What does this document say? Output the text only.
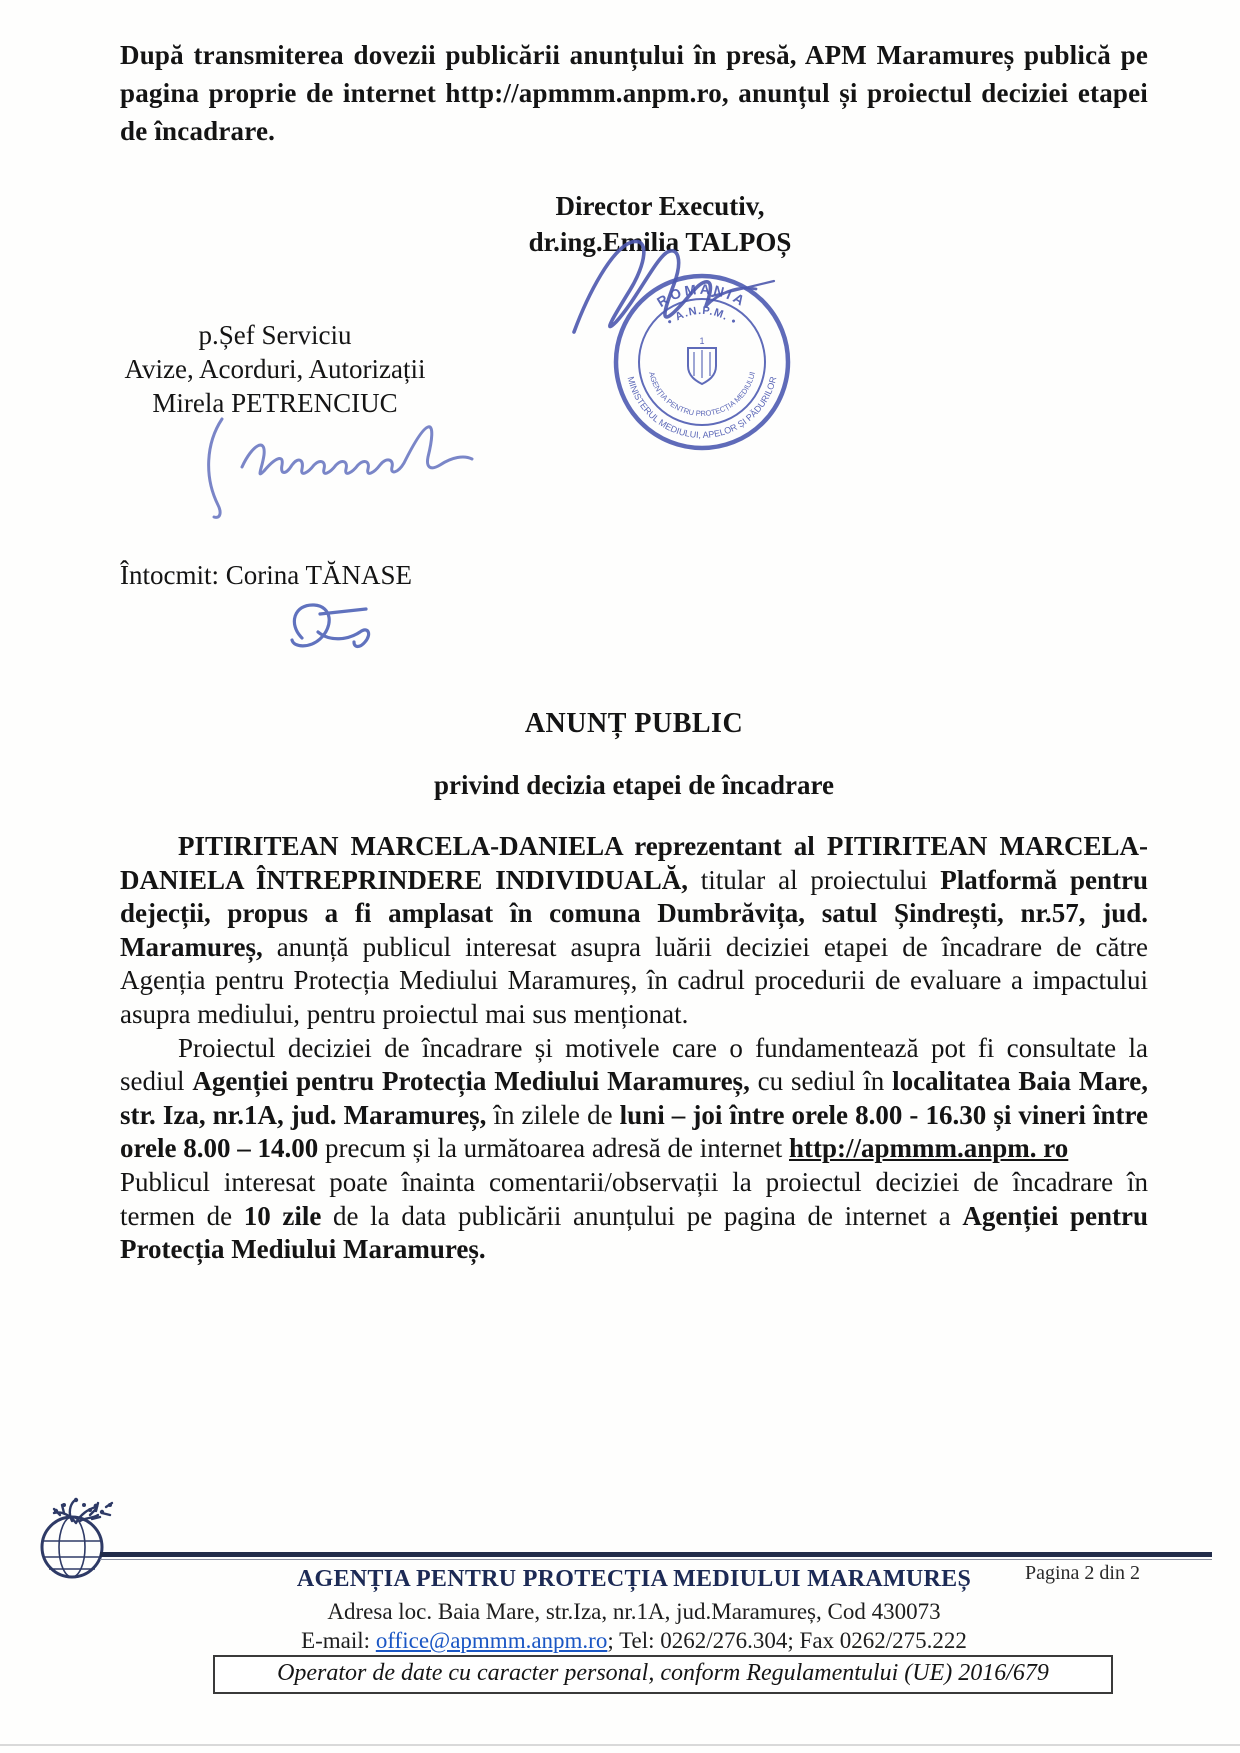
După transmiterea dovezii publicării anunțului în presă, APM Maramureș publică pe pagina proprie de internet http://apmmm.anpm.ro, anunțul și proiectul deciziei etapei de încadrare.
Director Executiv,
dr.ing.Emilia TALPOȘ
ROMANIA
MINISTERUL MEDIULUI, APELOR ȘI PĂDURILOR
• A.N.P.M. •
AGENȚIA PENTRU PROTECȚIA MEDIULUI
1
p.Șef Serviciu
Avize, Acorduri, Autorizații
Mirela PETRENCIUC
Întocmit: Corina TĂNASE
ANUNȚ PUBLIC
privind decizia etapei de încadrare

PITIRITEAN MARCELA-DANIELA reprezentant al PITIRITEAN MARCELA-DANIELA ÎNTREPRINDERE INDIVIDUALĂ, titular al proiectului Platformă pentru dejecții, propus a fi amplasat în comuna Dumbrăvița, satul Șindrești, nr.57, jud. Maramureș, anunță publicul interesat asupra luării deciziei etapei de încadrare de către Agenția pentru Protecția Mediului Maramureș, în cadrul procedurii de evaluare a impactului asupra mediului, pentru proiectul mai sus menționat.

Proiectul deciziei de încadrare și motivele care o fundamentează pot fi consultate la sediul Agenției pentru Protecția Mediului Maramureș, cu sediul în localitatea Baia Mare, str. Iza, nr.1A, jud. Maramureș, în zilele de luni – joi între orele 8.00 - 16.30 și vineri între orele 8.00 – 14.00 precum și la următoarea adresă de internet http://apmmm.anpm. ro

Publicul interesat poate înainta comentarii/observații la proiectul deciziei de încadrare în termen de 10 zile de la data publicării anunțului pe pagina de internet a Agenției pentru Protecția Mediului Maramureș.

Pagina 2 din 2
AGENȚIA PENTRU PROTECȚIA MEDIULUI MARAMUREȘ
Adresa loc. Baia Mare, str.Iza, nr.1A, jud.Maramureș, Cod 430073
E-mail: office@apmmm.anpm.ro; Tel: 0262/276.304; Fax 0262/275.222
Operator de date cu caracter personal, conform Regulamentului (UE) 2016/679
